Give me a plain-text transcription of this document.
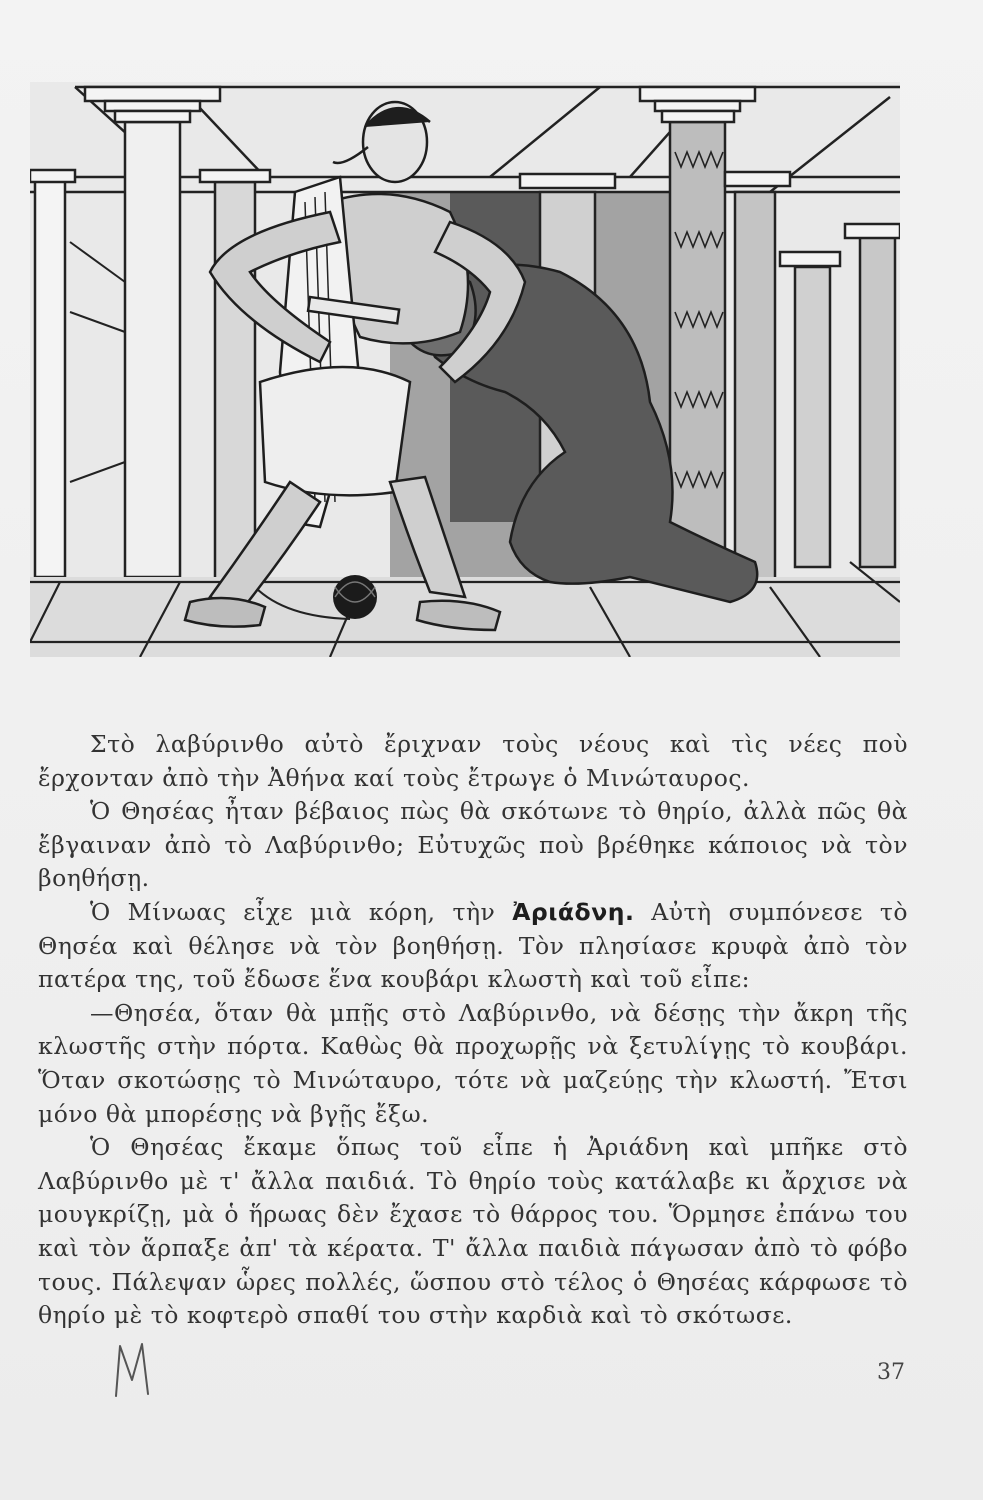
Στὸ λαβύρινθο αὐτὸ ἔριχναν τοὺς νέους καὶ τὶς νέες ποὺ ἔρχονταν ἀπὸ τὴν Ἀθήνα καί τοὺς ἔτρωγε ὁ Μινώταυρος.

Ὁ Θησέας ἦταν βέβαιος πὼς θὰ σκότωνε τὸ θηρίο, ἀλλὰ πῶς θὰ ἔβγαιναν ἀπὸ τὸ Λαβύρινθο; Εὐτυχῶς ποὺ βρέθηκε κάποιος νὰ τὸν βοηθήσῃ.

Ὁ Μίνωας εἶχε μιὰ κόρη, τὴν Ἀριάδνη. Αὐτὴ συμπόνεσε τὸ Θησέα καὶ θέλησε νὰ τὸν βοηθήσῃ. Τὸν πλησίασε κρυφὰ ἀπὸ τὸν πατέρα της, τοῦ ἔδωσε ἕνα κουβάρι κλωστὴ καὶ τοῦ εἶπε:

—Θησέα, ὅταν θὰ μπῇς στὸ Λαβύρινθο, νὰ δέσῃς τὴν ἄκρη τῆς κλωστῆς στὴν πόρτα. Καθὼς θὰ προχωρῇς νὰ ξετυλίγῃς τὸ κουβάρι. Ὅταν σκοτώσῃς τὸ Μινώταυρο, τότε νὰ μαζεύῃς τὴν κλωστή. Ἔτσι μόνο θὰ μπορέσῃς νὰ βγῇς ἔξω.

Ὁ Θησέας ἔκαμε ὅπως τοῦ εἶπε ἡ Ἀριάδνη καὶ μπῆκε στὸ Λαβύρινθο μὲ τ' ἄλλα παιδιά. Τὸ θηρίο τοὺς κατάλαβε κι ἄρχισε νὰ μουγκρίζῃ, μὰ ὁ ἥρωας δὲν ἔχασε τὸ θάρρος του. Ὅρμησε ἐπάνω του καὶ τὸν ἅρπαξε ἀπ' τὰ κέρατα. Τ' ἄλλα παιδιὰ πάγωσαν ἀπὸ τὸ φόβο τους. Πάλεψαν ὧρες πολλές, ὥσπου στὸ τέλος ὁ Θησέας κάρφωσε τὸ θηρίο μὲ τὸ κοφτερὸ σπαθί του στὴν καρδιὰ καὶ τὸ σκότωσε.

37
